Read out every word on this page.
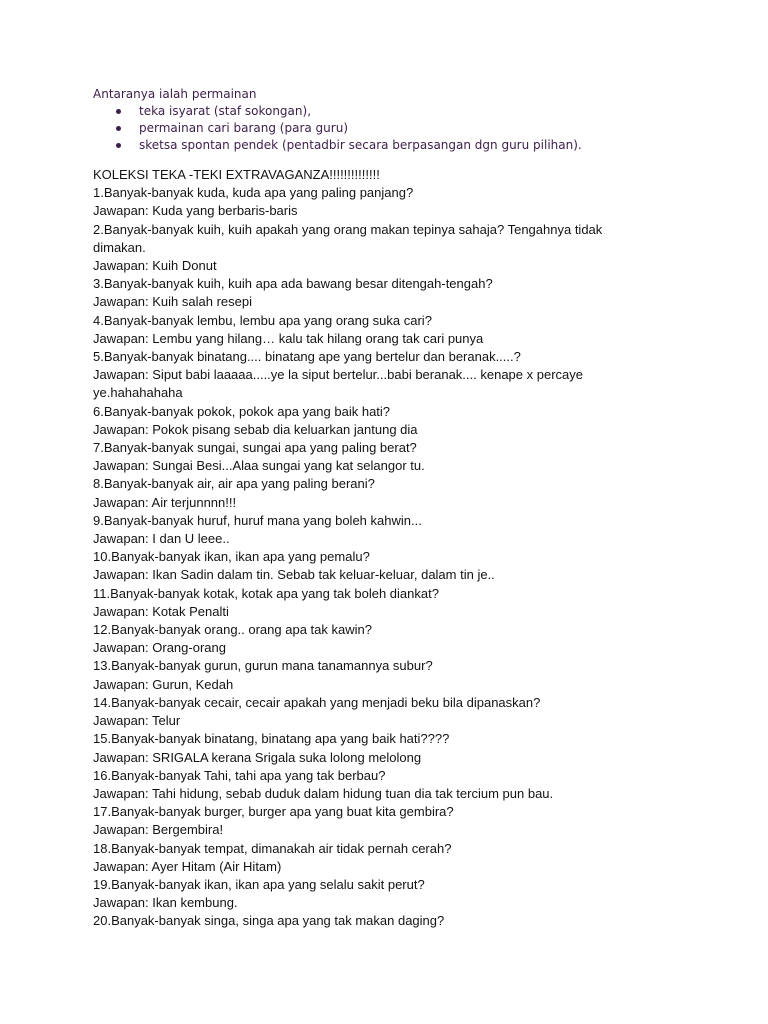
Antaranya ialah permainan
teka isyarat (staf sokongan),
permainan cari barang (para guru)
sketsa spontan pendek (pentadbir secara berpasangan dgn guru pilihan).
KOLEKSI TEKA -TEKI EXTRAVAGANZA!!!!!!!!!!!!!!
1.Banyak-banyak kuda, kuda apa yang paling panjang?
Jawapan: Kuda yang berbaris-baris
2.Banyak-banyak kuih, kuih apakah yang orang makan tepinya sahaja? Tengahnya tidak dimakan.
Jawapan: Kuih Donut
3.Banyak-banyak kuih, kuih apa ada bawang besar ditengah-tengah?
Jawapan: Kuih salah resepi
4.Banyak-banyak lembu, lembu apa yang orang suka cari?
Jawapan: Lembu yang hilang… kalu tak hilang orang tak cari punya
5.Banyak-banyak binatang.... binatang ape yang bertelur dan beranak.....?
Jawapan: Siput babi laaaaa.....ye la siput bertelur...babi beranak.... kenape x percaye ye.hahahahaha
6.Banyak-banyak pokok, pokok apa yang baik hati?
Jawapan: Pokok pisang sebab dia keluarkan jantung dia
7.Banyak-banyak sungai, sungai apa yang paling berat?
Jawapan: Sungai Besi...Alaa sungai yang kat selangor tu.
8.Banyak-banyak air, air apa yang paling berani?
Jawapan: Air terjunnnn!!!
9.Banyak-banyak huruf, huruf mana yang boleh kahwin...
Jawapan: I dan U leee..
10.Banyak-banyak ikan, ikan apa yang pemalu?
Jawapan: Ikan Sadin dalam tin. Sebab tak keluar-keluar, dalam tin je..
11.Banyak-banyak kotak, kotak apa yang tak boleh diankat?
Jawapan: Kotak Penalti
12.Banyak-banyak orang.. orang apa tak kawin?
Jawapan: Orang-orang
13.Banyak-banyak gurun, gurun mana tanamannya subur?
Jawapan: Gurun, Kedah
14.Banyak-banyak cecair, cecair apakah yang menjadi beku bila dipanaskan?
Jawapan: Telur
15.Banyak-banyak binatang, binatang apa yang baik hati????
Jawapan: SRIGALA kerana Srigala suka lolong melolong
16.Banyak-banyak Tahi, tahi apa yang tak berbau?
Jawapan: Tahi hidung, sebab duduk dalam hidung tuan dia tak tercium pun bau.
17.Banyak-banyak burger, burger apa yang buat kita gembira?
Jawapan: Bergembira!
18.Banyak-banyak tempat, dimanakah air tidak pernah cerah?
Jawapan: Ayer Hitam (Air Hitam)
19.Banyak-banyak ikan, ikan apa yang selalu sakit perut?
Jawapan: Ikan kembung.
20.Banyak-banyak singa, singa apa yang tak makan daging?
